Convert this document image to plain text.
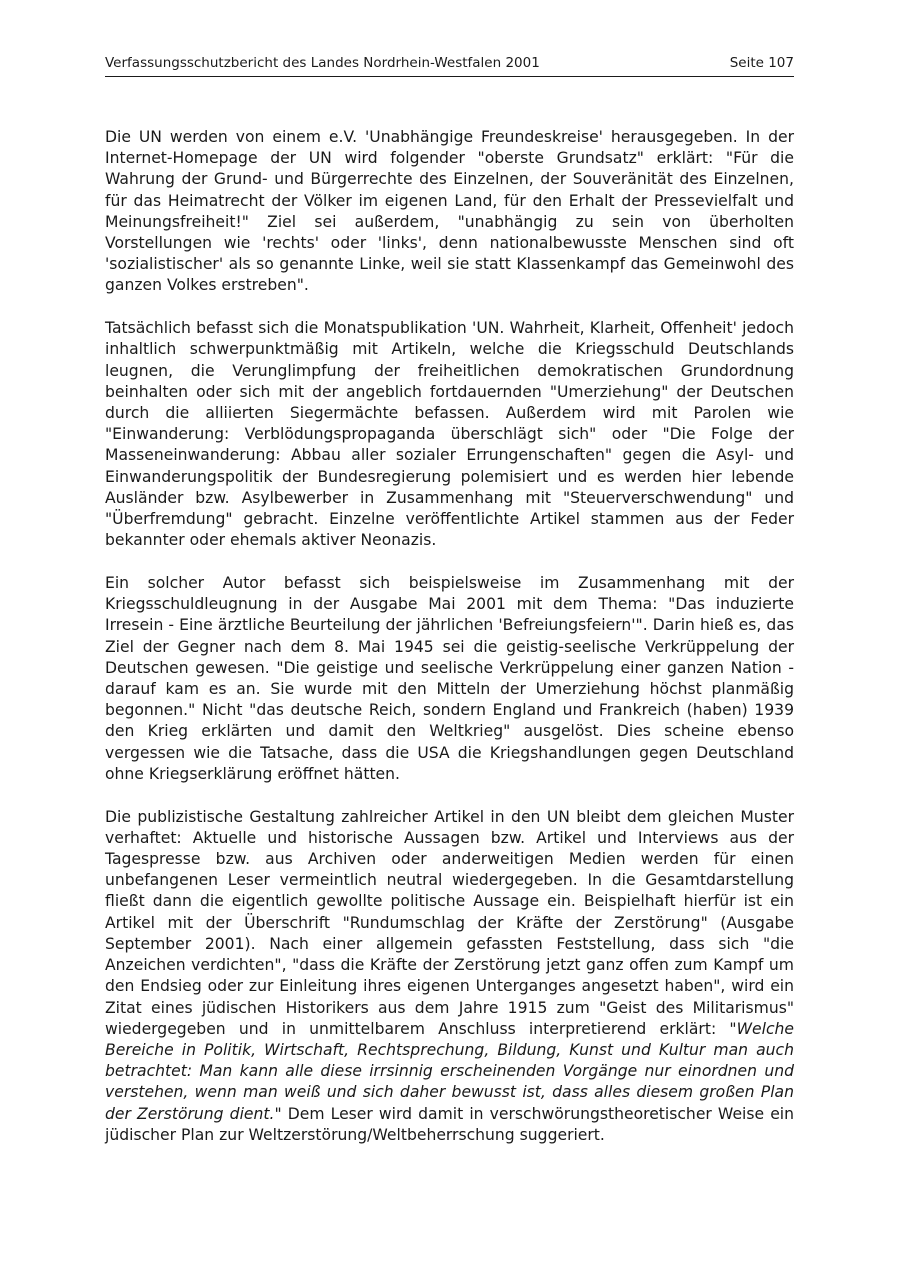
Verfassungsschutzbericht des Landes Nordrhein-Westfalen 2001	Seite 107

Die UN werden von einem e.V. 'Unabhängige Freundeskreise' herausgegeben. In der Internet-Homepage der UN wird folgender "oberste Grundsatz" erklärt: "Für die Wahrung der Grund- und Bürgerrechte des Einzelnen, der Souveränität des Einzelnen, für das Heimatrecht der Völker im eigenen Land, für den Erhalt der Pressevielfalt und Meinungsfreiheit!" Ziel sei außerdem, "unabhängig zu sein von überholten Vorstellungen wie 'rechts' oder 'links', denn nationalbewusste Menschen sind oft 'sozialistischer' als so genannte Linke, weil sie statt Klassenkampf das Gemeinwohl des ganzen Volkes erstreben".

Tatsächlich befasst sich die Monatspublikation 'UN. Wahrheit, Klarheit, Offenheit' jedoch inhaltlich schwerpunktmäßig mit Artikeln, welche die Kriegsschuld Deutschlands leugnen, die Verunglimpfung der freiheitlichen demokratischen Grundordnung beinhalten oder sich mit der angeblich fortdauernden "Umerziehung" der Deutschen durch die alliierten Siegermächte befassen. Außerdem wird mit Parolen wie "Einwanderung: Verblödungspropaganda überschlägt sich" oder "Die Folge der Masseneinwanderung: Abbau aller sozialer Errungenschaften" gegen die Asyl- und Einwanderungspolitik der Bundesregierung polemisiert und es werden hier lebende Ausländer bzw. Asylbewerber in Zusammenhang mit "Steuerverschwendung" und "Überfremdung" gebracht. Einzelne veröffentlichte Artikel stammen aus der Feder bekannter oder ehemals aktiver Neonazis.

Ein solcher Autor befasst sich beispielsweise im Zusammenhang mit der Kriegsschuldleugnung in der Ausgabe Mai 2001 mit dem Thema: "Das induzierte Irresein - Eine ärztliche Beurteilung der jährlichen 'Befreiungsfeiern'". Darin hieß es, das Ziel der Gegner nach dem 8. Mai 1945 sei die geistig-seelische Verkrüppelung der Deutschen gewesen. "Die geistige und seelische Verkrüppelung einer ganzen Nation - darauf kam es an. Sie wurde mit den Mitteln der Umerziehung höchst planmäßig begonnen." Nicht "das deutsche Reich, sondern England und Frankreich (haben) 1939 den Krieg erklärten und damit den Weltkrieg" ausgelöst. Dies scheine ebenso vergessen wie die Tatsache, dass die USA die Kriegshandlungen gegen Deutschland ohne Kriegserklärung eröffnet hätten.

Die publizistische Gestaltung zahlreicher Artikel in den UN bleibt dem gleichen Muster verhaftet: Aktuelle und historische Aussagen bzw. Artikel und Interviews aus der Tagespresse bzw. aus Archiven oder anderweitigen Medien werden für einen unbefangenen Leser vermeintlich neutral wiedergegeben. In die Gesamtdarstellung fließt dann die eigentlich gewollte politische Aussage ein. Beispielhaft hierfür ist ein Artikel mit der Überschrift "Rundumschlag der Kräfte der Zerstörung" (Ausgabe September 2001). Nach einer allgemein gefassten Feststellung, dass sich "die Anzeichen verdichten", "dass die Kräfte der Zerstörung jetzt ganz offen zum Kampf um den Endsieg oder zur Einleitung ihres eigenen Unterganges angesetzt haben", wird ein Zitat eines jüdischen Historikers aus dem Jahre 1915 zum "Geist des Militarismus" wiedergegeben und in unmittelbarem Anschluss interpretierend erklärt: "Welche Bereiche in Politik, Wirtschaft, Rechtsprechung, Bildung, Kunst und Kultur man auch betrachtet: Man kann alle diese irrsinnig erscheinenden Vorgänge nur einordnen und verstehen, wenn man weiß und sich daher bewusst ist, dass alles diesem großen Plan der Zerstörung dient." Dem Leser wird damit in verschwörungstheoretischer Weise ein jüdischer Plan zur Weltzerstörung/Weltbeherrschung suggeriert.
